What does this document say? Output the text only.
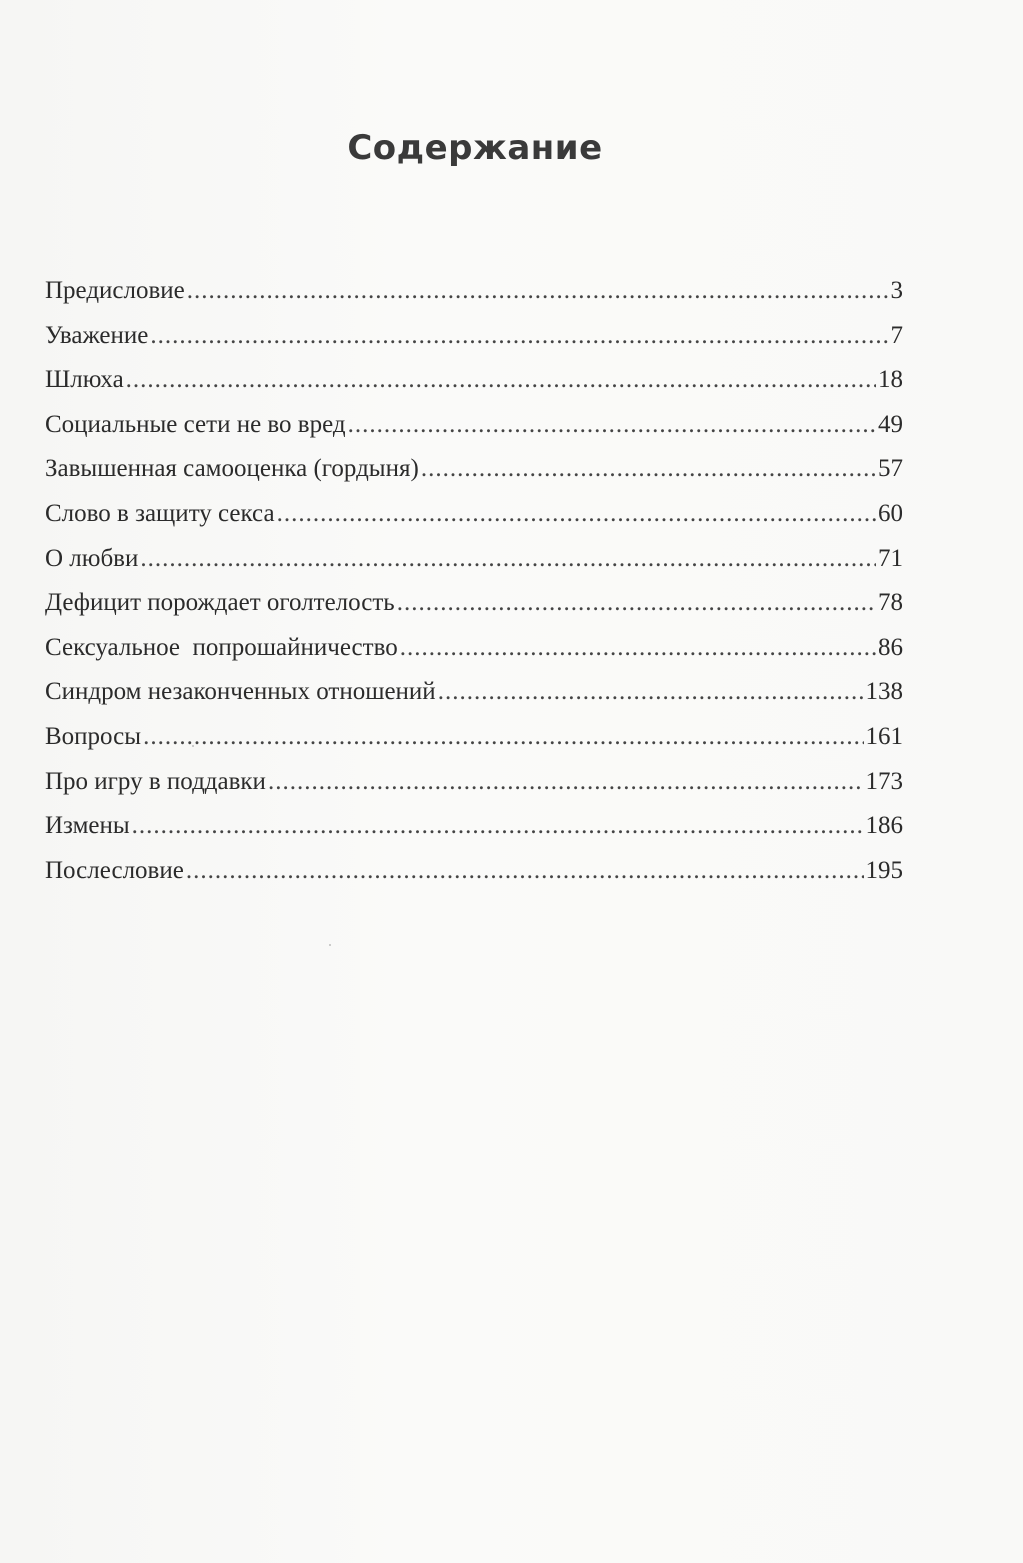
Содержание
Предисловие .....	3
Уважение .....	7
Шлюха .....	18
Социальные сети не во вред .....	49
Завышенная самооценка (гордыня) .....	57
Слово в защиту секса .....	60
О любви .....	71
Дефицит порождает оголтелость .....	78
Сексуальное  попрошайничество .....	86
Синдром незаконченных отношений .....	138
Вопросы .....	161
Про игру в поддавки .....	173
Измены .....	186
Послесловие .....	195
